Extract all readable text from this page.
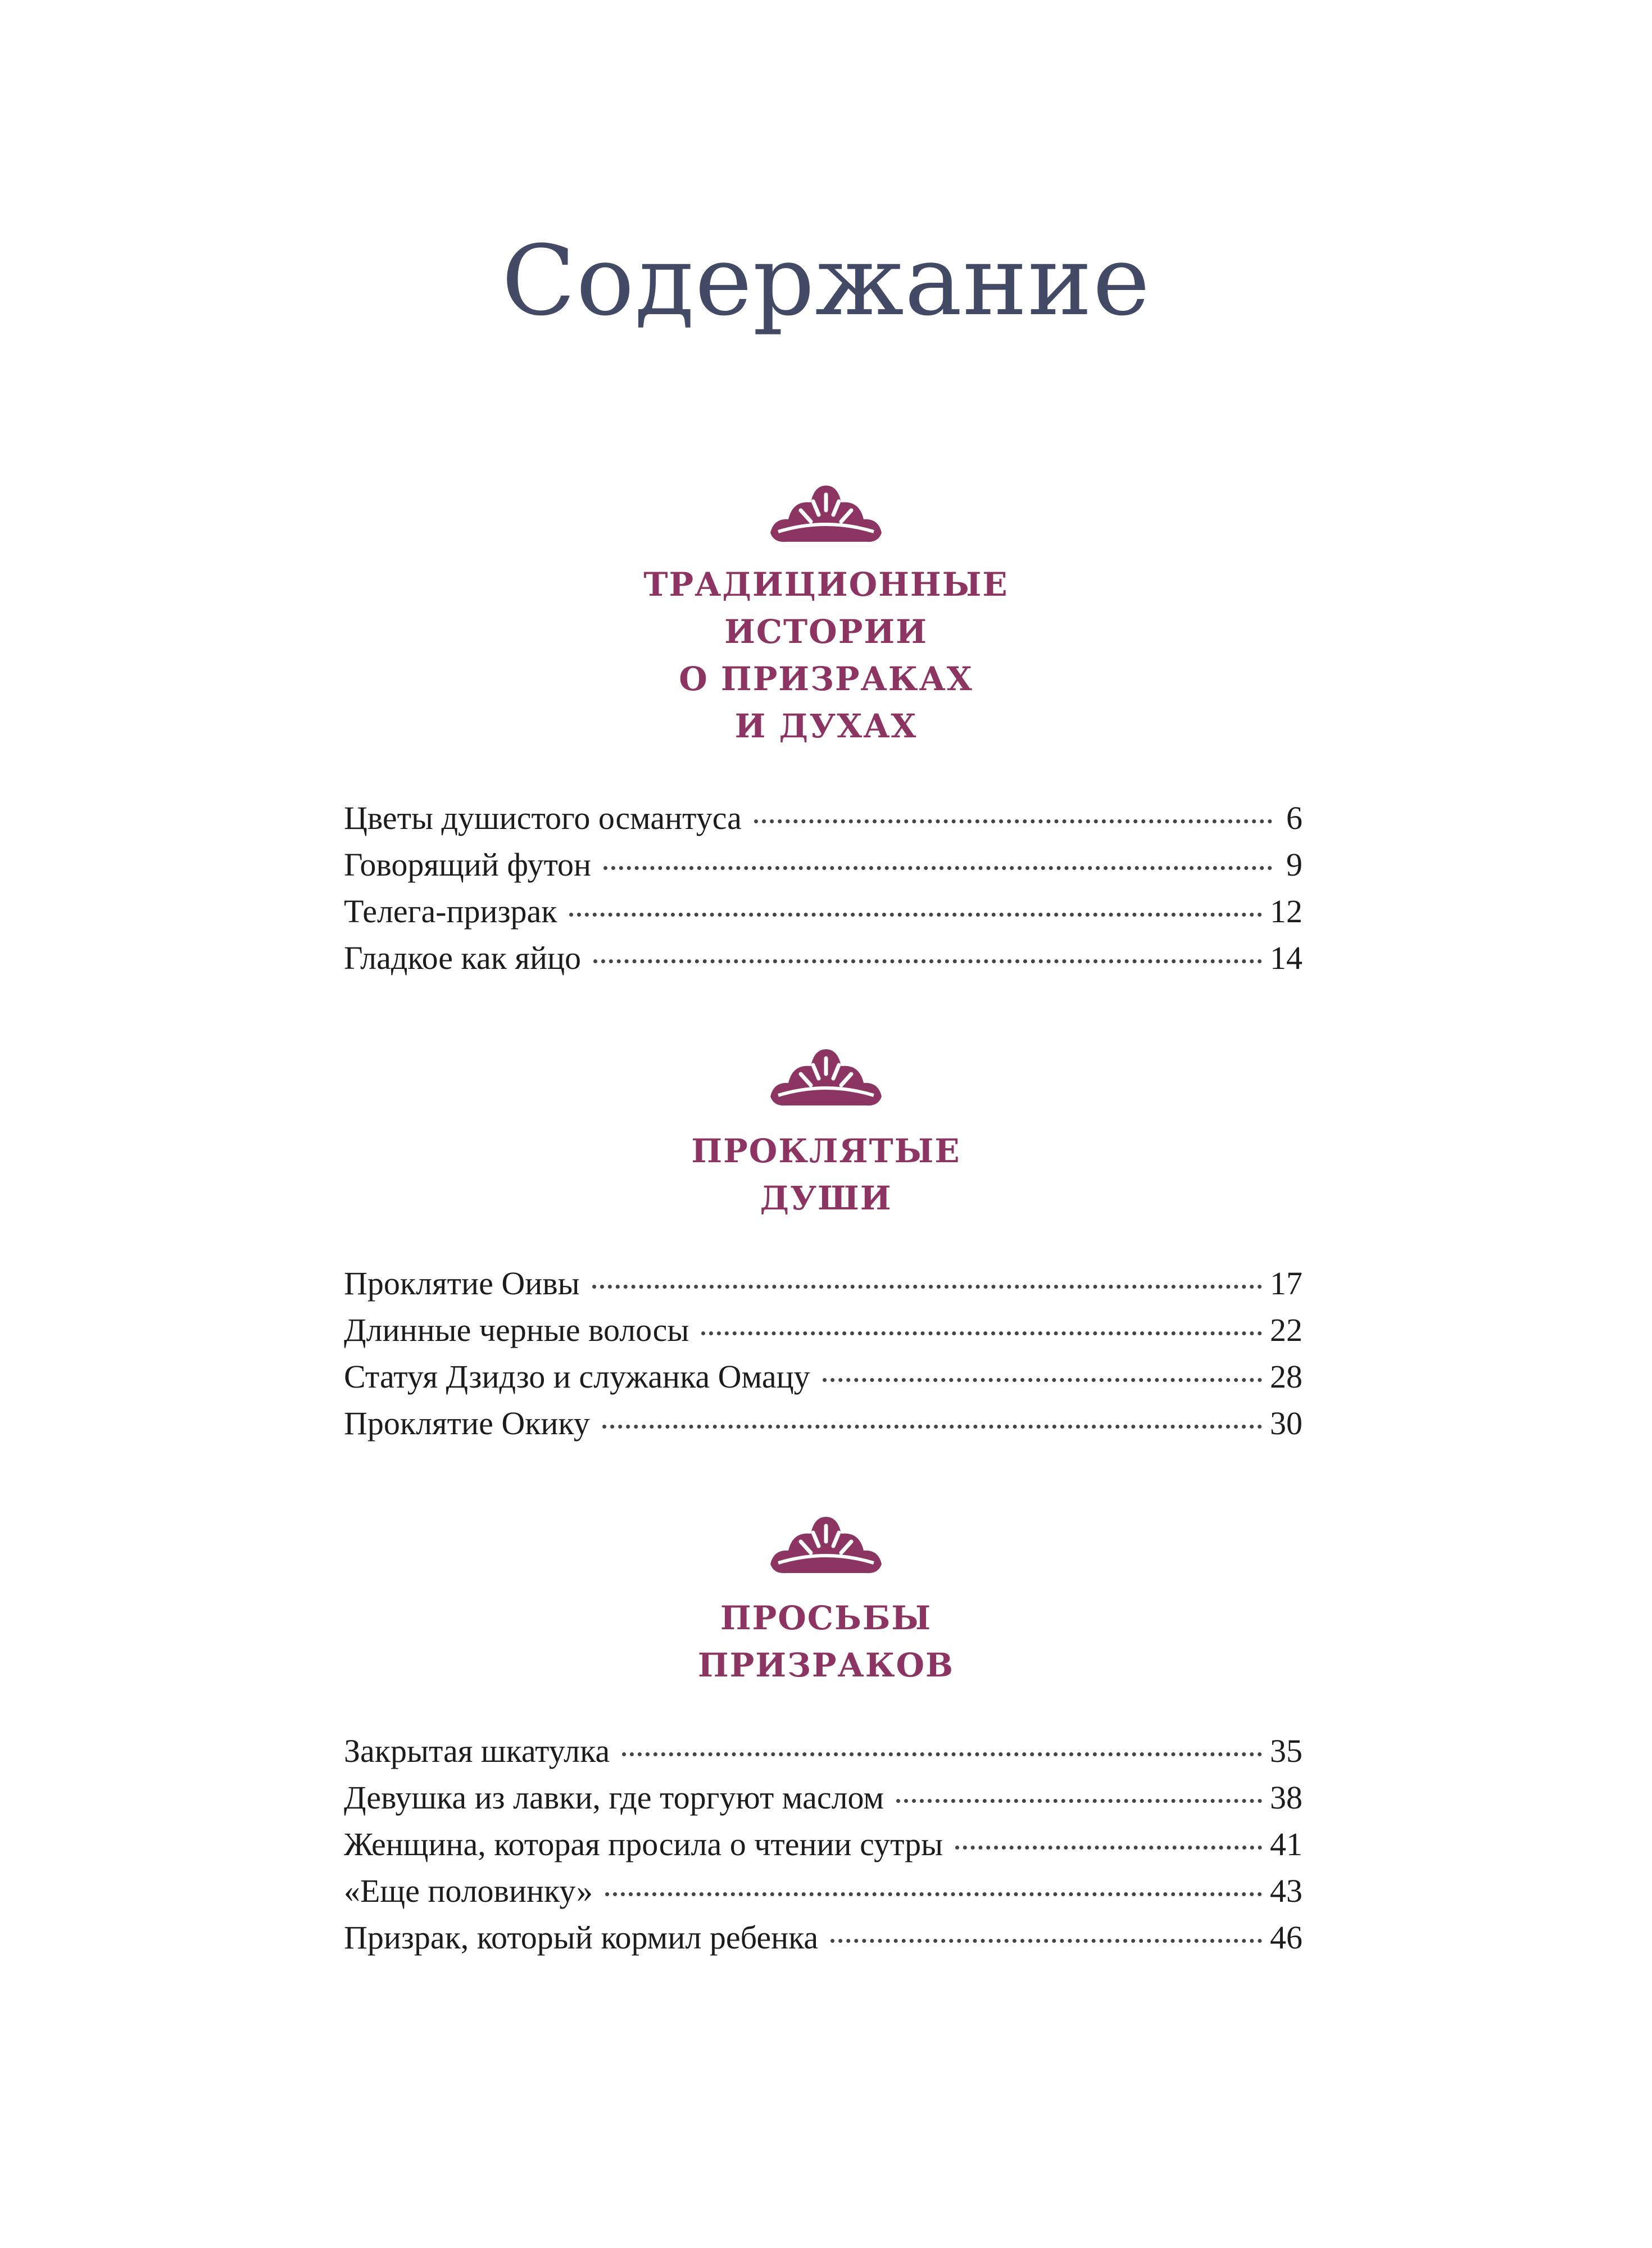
Содержание
ТРАДИЦИОННЫЕ
ИСТОРИИ
О ПРИЗРАКАХ
И ДУХАХ
Цветы душистого османтуса	6
Говорящий футон	9
Телега-призрак	12
Гладкое как яйцо	14
ПРОКЛЯТЫЕ
ДУШИ
Проклятие Оивы	17
Длинные черные волосы	22
Статуя Дзидзо и служанка Омацу	28
Проклятие Окику	30
ПРОСЬБЫ
ПРИЗРАКОВ
Закрытая шкатулка	35
Девушка из лавки, где торгуют маслом	38
Женщина, которая просила о чтении сутры	41
«Еще половинку»	43
Призрак, который кормил ребенка	46
